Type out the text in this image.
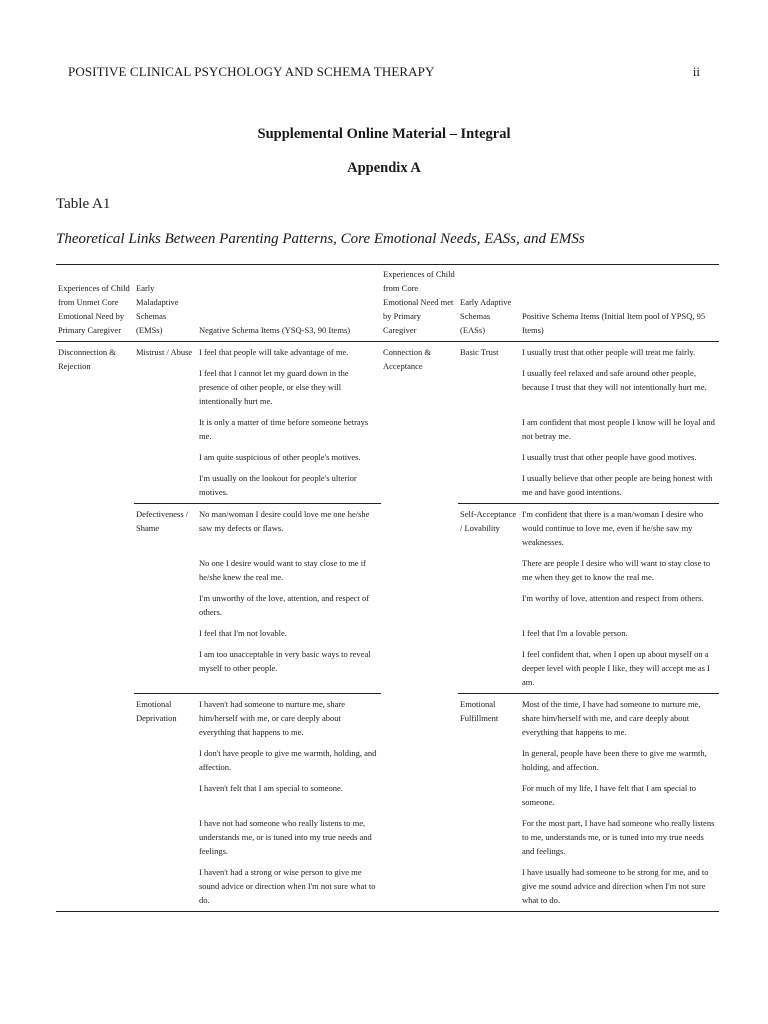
POSITIVE CLINICAL PSYCHOLOGY AND SCHEMA THERAPY	ii
Supplemental Online Material – Integral
Appendix A
Table A1
Theoretical Links Between Parenting Patterns, Core Emotional Needs, EASs, and EMSs
Experiences of Child from Unmet Core Emotional Need by Primary Caregiver	Early Maladaptive Schemas (EMSs)	Negative Schema Items (YSQ-S3, 90 Items)	Experiences of Child from Core Emotional Need met by Primary Caregiver	Early Adaptive Schemas (EASs)	Positive Schema Items (Initial Item pool of YPSQ, 95 Items)
Disconnection & Rejection	Mistrust / Abuse	I feel that people will take advantage of me.	Connection & Acceptance	Basic Trust	I usually trust that other people will treat me fairly.
		I feel that I cannot let my guard down in the presence of other people, or else they will intentionally hurt me.			I usually feel relaxed and safe around other people, because I trust that they will not intentionally hurt me.
		It is only a matter of time before someone betrays me.			I am confident that most people I know will be loyal and not betray me.
		I am quite suspicious of other people's motives.			I usually trust that other people have good motives.
		I'm usually on the lookout for people's ulterior motives.			I usually believe that other people are being honest with me and have good intentions.
	Defectiveness / Shame	No man/woman I desire could love me one he/she saw my defects or flaws.		Self-Acceptance / Lovability	I'm confident that there is a man/woman I desire who would continue to love me, even if he/she saw my weaknesses.
		No one I desire would want to stay close to me if he/she knew the real me.			There are people I desire who will want to stay close to me when they get to know the real me.
		I'm unworthy of the love, attention, and respect of others.			I'm worthy of love, attention and respect from others.
		I feel that I'm not lovable.			I feel that I'm a lovable person.
		I am too unacceptable in very basic ways to reveal myself to other people.			I feel confident that, when I open up about myself on a deeper level with people I like, they will accept me as I am.
	Emotional Deprivation	I haven't had someone to nurture me, share him/herself with me, or care deeply about everything that happens to me.		Emotional Fulfillment	Most of the time, I have had someone to nurture me, share him/herself with me, and care deeply about everything that happens to me.
		I don't have people to give me warmth, holding, and affection.			In general, people have been there to give me warmth, holding, and affection.
		I haven't felt that I am special to someone.			For much of my life, I have felt that I am special to someone.
		I have not had someone who really listens to me, understands me, or is tuned into my true needs and feelings.			For the most part, I have had someone who really listens to me, understands me, or is tuned into my true needs and feelings.
		I haven't had a strong or wise person to give me sound advice or direction when I'm not sure what to do.			I have usually had someone to be strong for me, and to give me sound advice and direction when I'm not sure what to do.
